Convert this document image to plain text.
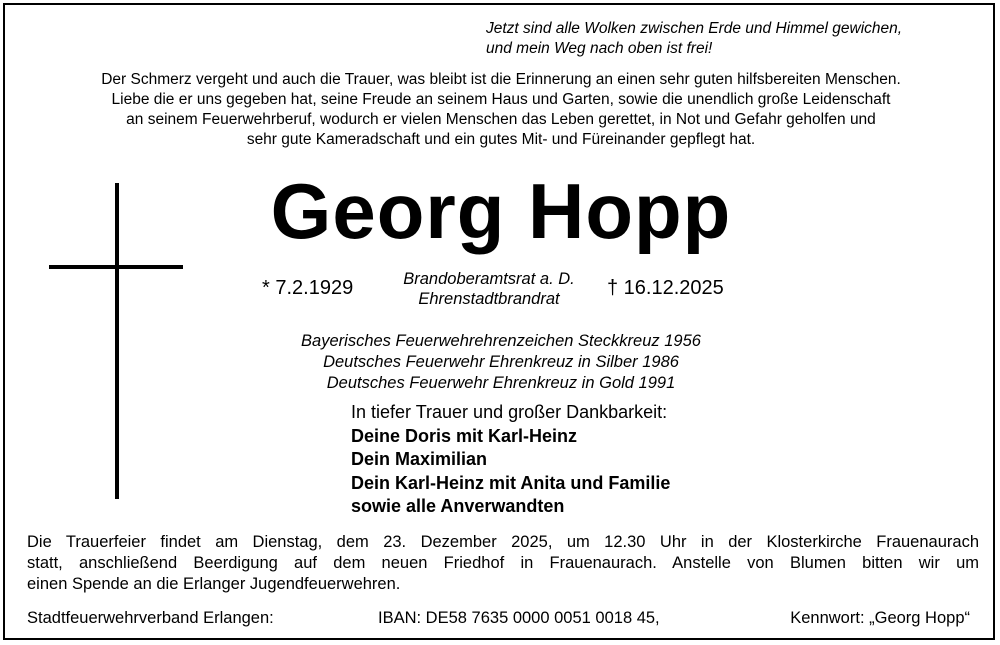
Jetzt sind alle Wolken zwischen Erde und Himmel gewichen,
und mein Weg nach oben ist frei!
Der Schmerz vergeht und auch die Trauer, was bleibt ist die Erinnerung an einen sehr guten hilfsbereiten Menschen.
Liebe die er uns gegeben hat, seine Freude an seinem Haus und Garten, sowie die unendlich große Leidenschaft
an seinem Feuerwehrberuf, wodurch er vielen Menschen das Leben gerettet, in Not und Gefahr geholfen und
sehr gute Kameradschaft und ein gutes Mit- und Füreinander gepflegt hat.
Georg Hopp
* 7.2.1929	Brandoberamtsrat a. D.
Ehrenstadtbrandrat	† 16.12.2025
Bayerisches Feuerwehrehrenzeichen Steckkreuz 1956
Deutsches Feuerwehr Ehrenkreuz in Silber 1986
Deutsches Feuerwehr Ehrenkreuz in Gold 1991
In tiefer Trauer und großer Dankbarkeit:
Deine Doris mit Karl-Heinz
Dein Maximilian
Dein Karl-Heinz mit Anita und Familie
sowie alle Anverwandten
Die Trauerfeier findet am Dienstag, dem 23. Dezember 2025, um 12.30 Uhr in der Klosterkirche Frauenaurach
statt, anschließend Beerdigung auf dem neuen Friedhof in Frauenaurach. Anstelle von Blumen bitten wir um
einen Spende an die Erlanger Jugendfeuerwehren.
Stadtfeuerwehrverband Erlangen:	IBAN: DE58 7635 0000 0051 0018 45,	Kennwort: „Georg Hopp“
